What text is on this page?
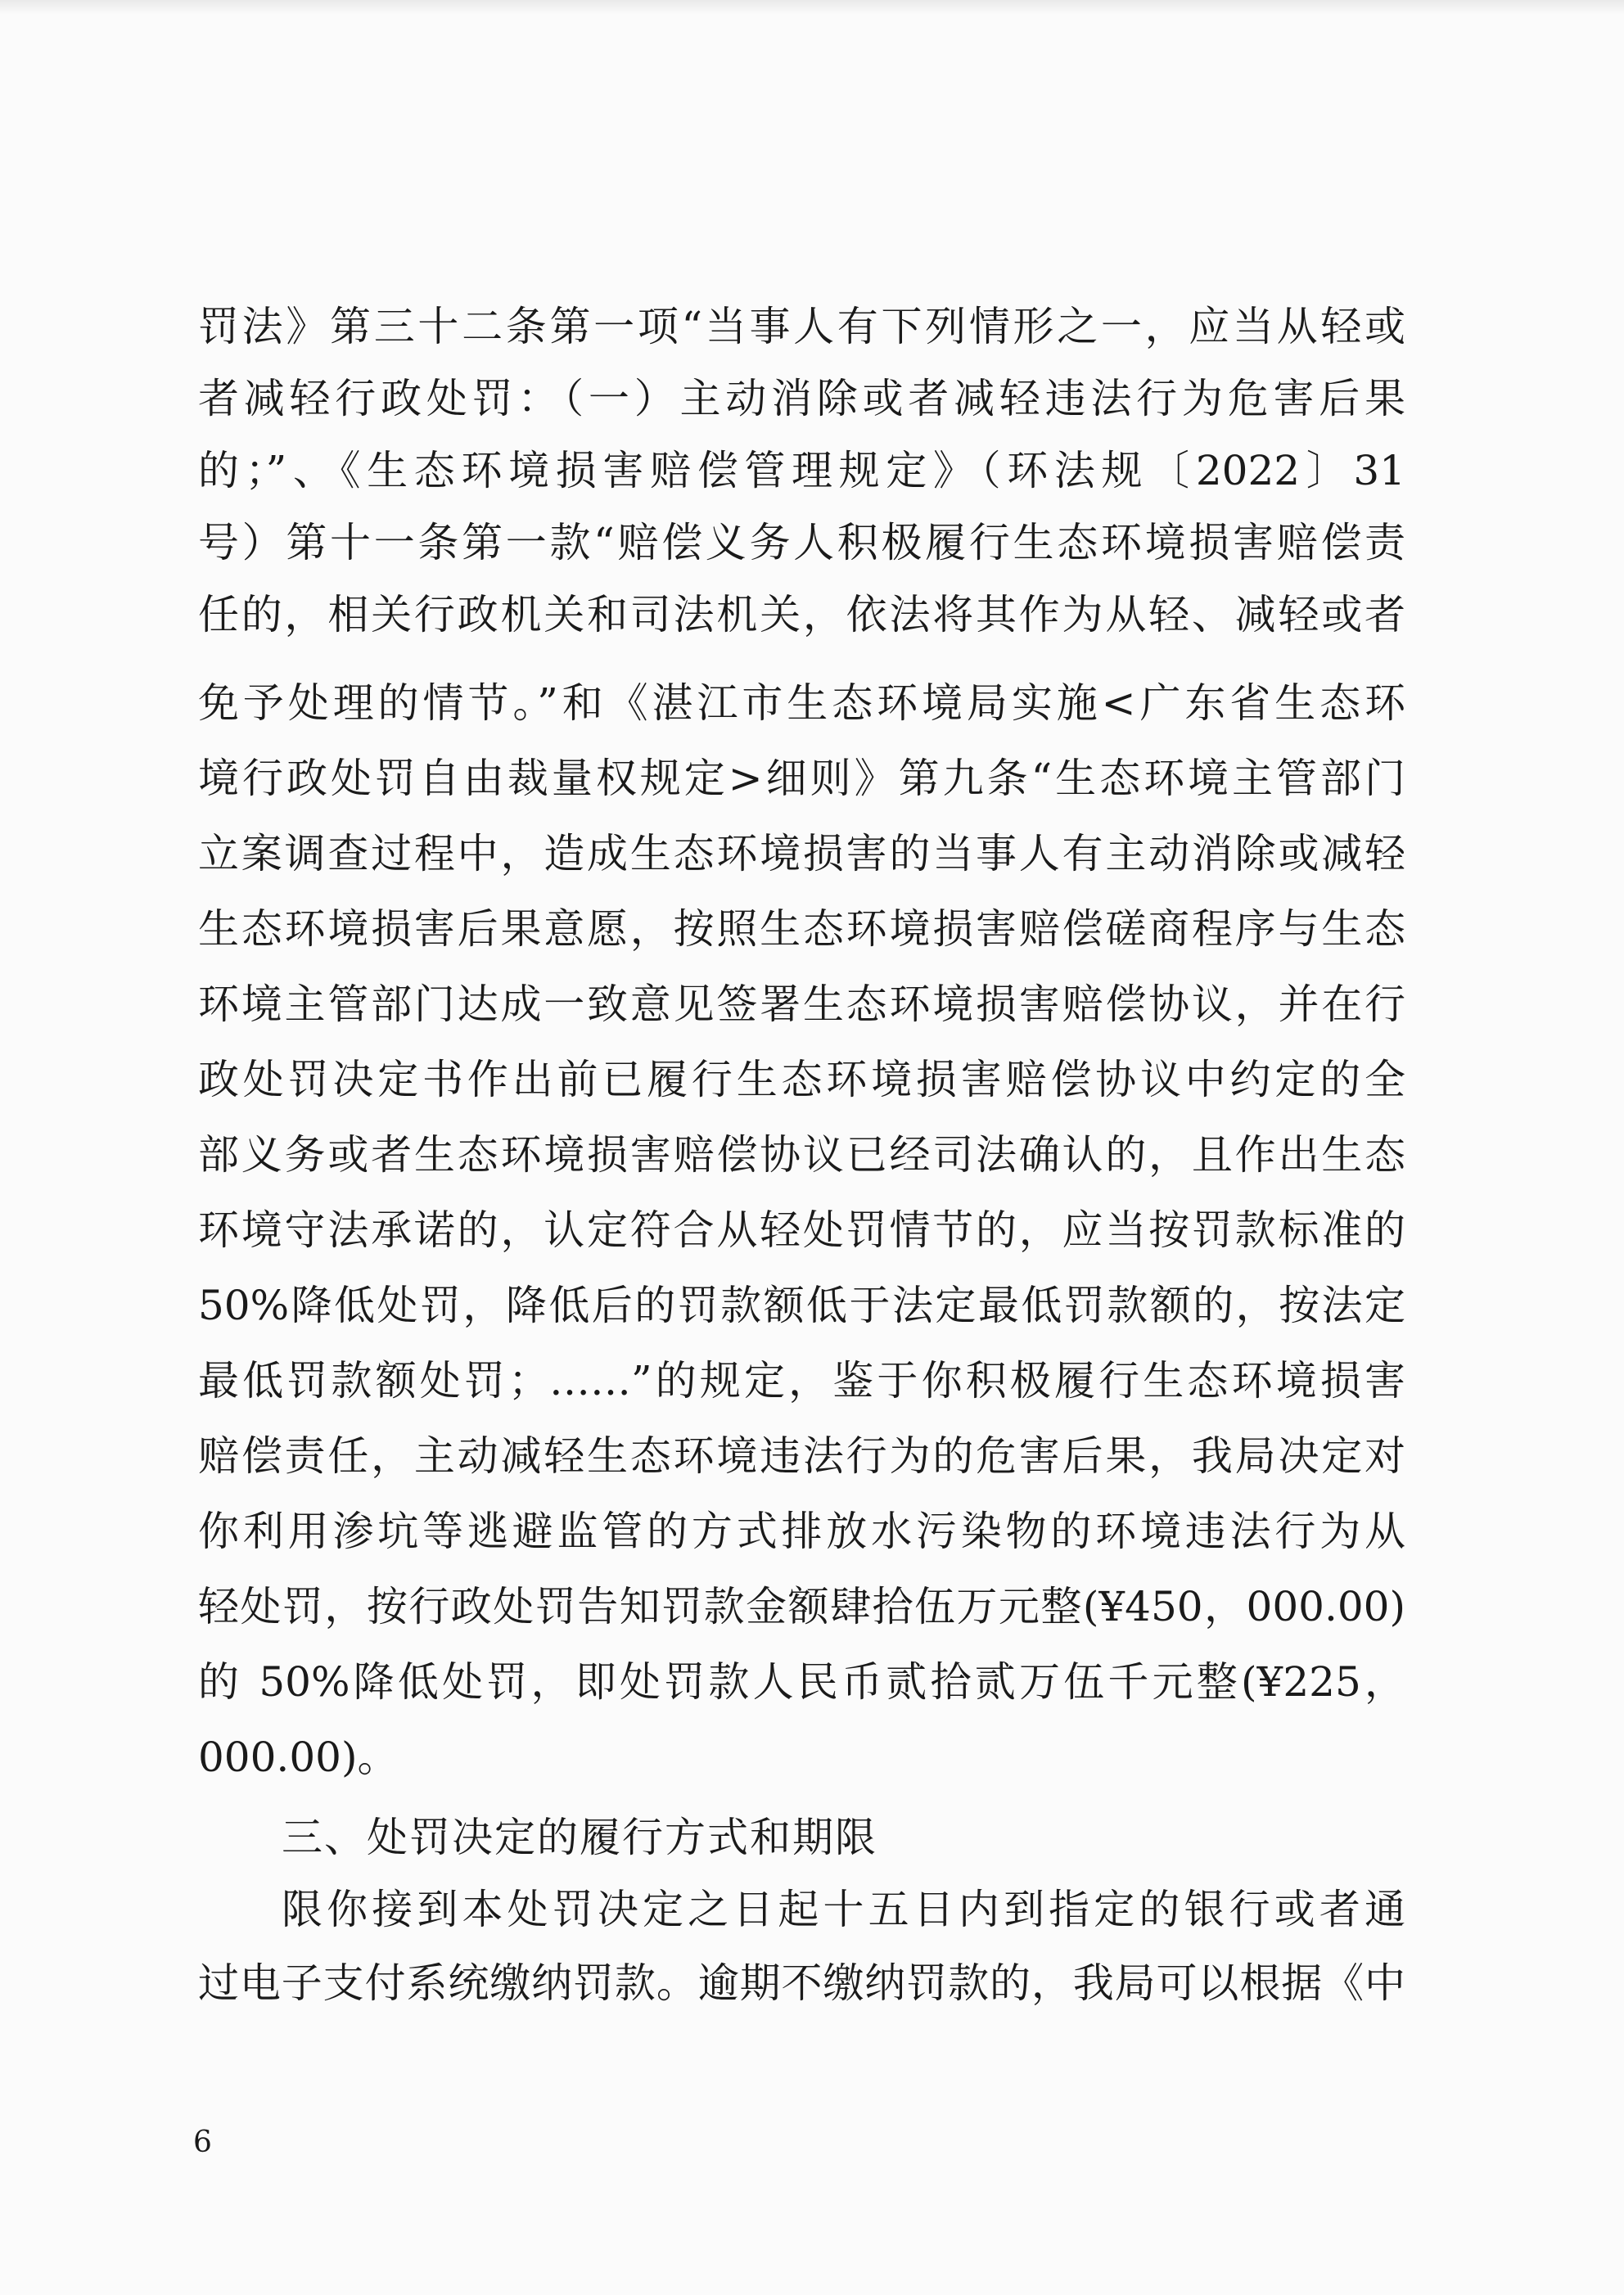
罚法》第三十二条第一项“当事人有下列情形之一，应当从轻或
者减轻行政处罚：（一）主动消除或者减轻违法行为危害后果
的；”、《生态环境损害赔偿管理规定》（环法规〔2022〕31
号）第十一条第一款“赔偿义务人积极履行生态环境损害赔偿责
任的，相关行政机关和司法机关，依法将其作为从轻、减轻或者
免予处理的情节。”和《湛江市生态环境局实施<广东省生态环
境行政处罚自由裁量权规定>细则》第九条“生态环境主管部门
立案调查过程中，造成生态环境损害的当事人有主动消除或减轻
生态环境损害后果意愿，按照生态环境损害赔偿磋商程序与生态
环境主管部门达成一致意见签署生态环境损害赔偿协议，并在行
政处罚决定书作出前已履行生态环境损害赔偿协议中约定的全
部义务或者生态环境损害赔偿协议已经司法确认的，且作出生态
环境守法承诺的，认定符合从轻处罚情节的，应当按罚款标准的
50%降低处罚，降低后的罚款额低于法定最低罚款额的，按法定
最低罚款额处罚；……”的规定，鉴于你积极履行生态环境损害
赔偿责任，主动减轻生态环境违法行为的危害后果，我局决定对
你利用渗坑等逃避监管的方式排放水污染物的环境违法行为从
轻处罚，按行政处罚告知罚款金额肆拾伍万元整(¥450，000.00)
的 50%降低处罚，即处罚款人民币贰拾贰万伍千元整(¥225，
000.00)。
三、处罚决定的履行方式和期限
限你接到本处罚决定之日起十五日内到指定的银行或者通
过电子支付系统缴纳罚款。逾期不缴纳罚款的，我局可以根据《中
6
